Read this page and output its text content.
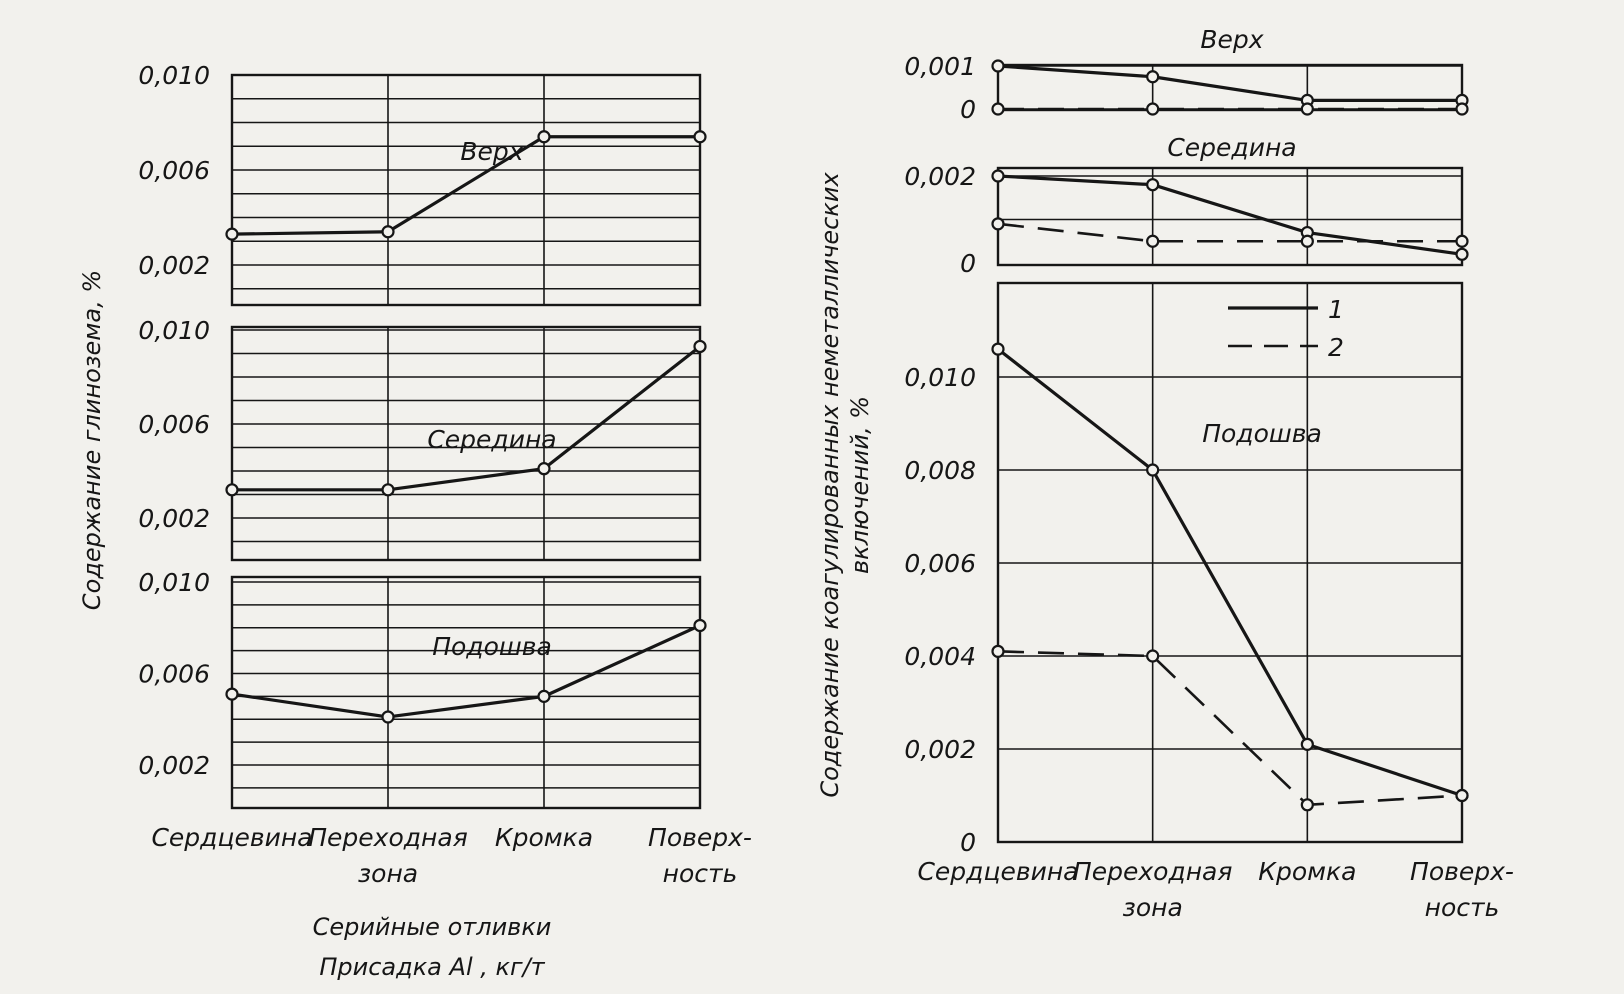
0,010
0,006
0,002
Верх
0,010
0,006
0,002
Середина
0,010
0,006
0,002
Подошва
Сердцевина
Переходная
зона
Кромка Поверх-
ность
0,001
0
Верх
0,002
0
Середина
0,010
0,008
0,006
0,004
0,002
0
Подошва
Сердцевина
Переходная
зона
Кромка Поверх-
ность
Содержание глинозема, %
Серийные отливки
Присадка Al , кг/т
Содержание коагулированных неметаллических включений, %
1
2
